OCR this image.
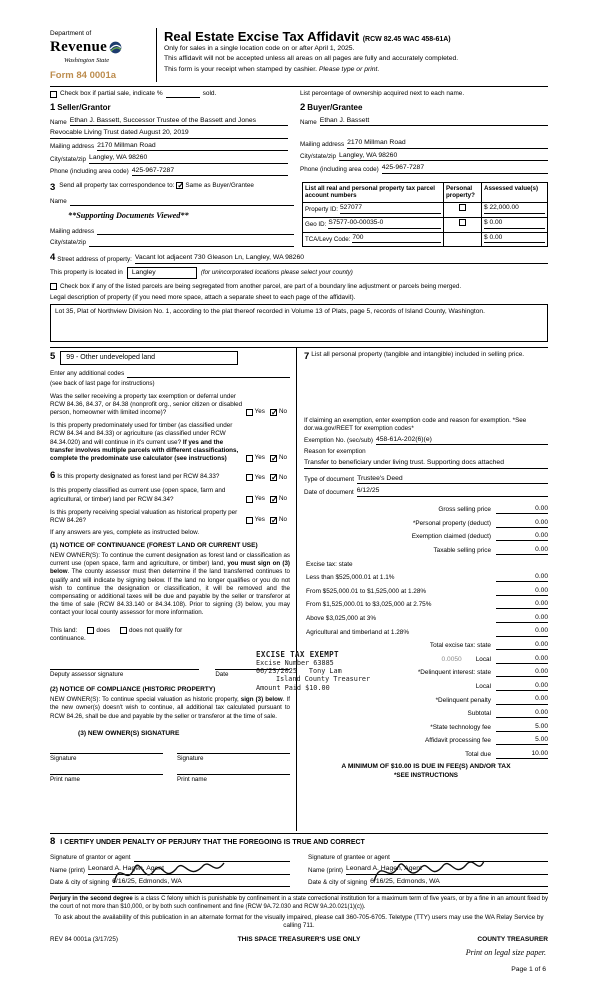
Department of
Revenue
Washington State
Form 84 0001a
Real Estate Excise Tax Affidavit (RCW 82.45 WAC 458-61A)
Only for sales in a single location code on or after April 1, 2025.
This affidavit will not be accepted unless all areas on all pages are fully and accurately completed.
This form is your receipt when stamped by cashier. Please type or print.
Check box if partial sale, indicate %	sold.	List percentage of ownership acquired next to each name.
1 Seller/Grantor
Name Ethan J. Bassett, Successor Trustee of the Bassett and Jones
Revocable Living Trust dated August 20, 2019
Mailing address 2170 Millman Road
City/state/zip Langley, WA 98260
Phone (including area code) 425-967-7287
2 Buyer/Grantee
Name Ethan J. Bassett
Mailing address 2170 Millman Road
City/state/zip Langley, WA 98260
Phone (including area code) 425-967-7287
3 Send all property tax correspondence to: ✓ Same as Buyer/Grantee
Name
**Supporting Documents Viewed**
Mailing address
City/state/zip
List all real and personal property tax parcel account numbers	Personal property?	Assessed value(s)

Property ID: 527077		$ 22,000.00

Geo ID: S7577-00-00035-0		$ 0.00

TCA/Levy Code: 700		$ 0.00
4 Street address of property: Vacant lot adjacent 730 Gleason Ln, Langley, WA 98260
This property is located in	Langley	(for unincorporated locations please select your county)
Check box if any of the listed parcels are being segregated from another parcel, are part of a boundary line adjustment or parcels being merged.
Legal description of property (if you need more space, attach a separate sheet to each page of the affidavit).
Lot 35, Plat of Northview Division No. 1, according to the plat thereof recorded in Volume 13 of Plats, page 5, records of Island County, Washington.
5	99 - Other undeveloped land
Enter any additional codes
(see back of last page for instructions)
Was the seller receiving a property tax exemption or deferral under RCW 84.36, 84.37, or 84.38 (nonprofit org., senior citizen or disabled person, homeowner with limited income)?	Yes ✓ No
Is this property predominately used for timber (as classified under RCW 84.34 and 84.33) or agriculture (as classified under RCW 84.34.020) and will continue in it's current use? If yes and the transfer involves multiple parcels with different classifications, complete the predominate use calculator (see instructions)	Yes ✓ No
6 Is this property designated as forest land per RCW 84.33?	Yes ✓ No
Is this property classified as current use (open space, farm and agricultural, or timber) land per RCW 84.34?	Yes ✓ No
Is this property receiving special valuation as historical property per RCW 84.26?	Yes ✓ No
If any answers are yes, complete as instructed below.
(1) NOTICE OF CONTINUANCE (FOREST LAND OR CURRENT USE)
NEW OWNER(S): To continue the current designation as forest land or classification as current use (open space, farm and agriculture, or timber) land, you must sign on (3) below. The county assessor must then determine if the land transferred continues to qualify and will indicate by signing below. If the land no longer qualifies or you do not wish to continue the designation or classification, it will be removed and the compensating or additional taxes will be due and payable by the seller or transferor at the time of sale (RCW 84.33.140 or 84.34.108). Prior to signing (3) below, you may contact your local county assessor for more information.
This land:	does	does not qualify for
continuance.
Deputy assessor signature	Date
(2) NOTICE OF COMPLIANCE (HISTORIC PROPERTY)
NEW OWNER(S): To continue special valuation as historic property, sign (3) below. If the new owner(s) doesn't wish to continue, all additional tax calculated pursuant to RCW 84.26, shall be due and payable by the seller or transferor at the time of sale.
(3) NEW OWNER(S) SIGNATURE
Signature	Signature
Print name	Print name
EXCISE TAX EXEMPT
Excise Number 63885
06/23/2025 Tony Lam
Island County Treasurer
Amount Paid $10.00
7 List all personal property (tangible and intangible) included in selling price.
If claiming an exemption, enter exemption code and reason for exemption. *See dor.wa.gov/REET for exemption codes*
Exemption No. (sec/sub) 458-61A-202(6)(e)
Reason for exemption
Transfer to beneficiary under living trust. Supporting docs attached
Type of document Trustee's Deed
Date of document 6/12/25
Gross selling price	0.00
*Personal property (deduct)	0.00
Exemption claimed (deduct)	0.00
Taxable selling price	0.00
Excise tax: state
Less than $525,000.01 at 1.1%	0.00
From $525,000.01 to $1,525,000 at 1.28%	0.00
From $1,525,000.01 to $3,025,000 at 2.75%	0.00
Above $3,025,000 at 3%	0.00
Agricultural and timberland at 1.28%	0.00
Total excise tax: state	0.00
0.0050 Local	0.00
*Delinquent interest: state	0.00
Local	0.00
*Delinquent penalty	0.00
Subtotal	0.00
*State technology fee	5.00
Affidavit processing fee	5.00
Total due	10.00
A MINIMUM OF $10.00 IS DUE IN FEE(S) AND/OR TAX
*SEE INSTRUCTIONS
8 I CERTIFY UNDER PENALTY OF PERJURY THAT THE FOREGOING IS TRUE AND CORRECT
Signature of grantor or agent
Name (print) Leonard A. Hagen, Agent
Date & city of signing 6/16/25, Edmonds, WA
Signature of grantee or agent
Name (print) Leonard A. Hagen, Agent
Date & city of signing 6/16/25, Edmonds, WA
Perjury in the second degree is a class C felony which is punishable by confinement in a state correctional institution for a maximum term of five years, or by a fine in an amount fixed by the court of not more than $10,000, or by both such confinement and fine (RCW 9A.72.030 and RCW 9A.20.021(1)(c)).
To ask about the availability of this publication in an alternate format for the visually impaired, please call 360-705-6705. Teletype (TTY) users may use the WA Relay Service by calling 711.
REV 84 0001a (3/17/25)	THIS SPACE TREASURER'S USE ONLY	COUNTY TREASURER
Print on legal size paper.
Page 1 of 6
